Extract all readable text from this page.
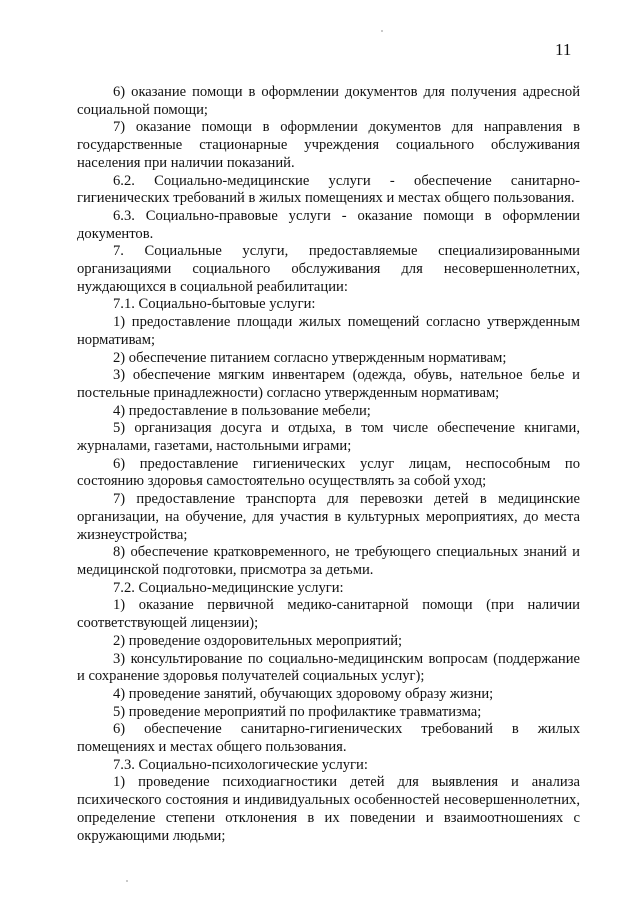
11

6) оказание помощи в оформлении документов для получения адресной социальной помощи;

7) оказание помощи в оформлении документов для направления в государственные стационарные учреждения социального обслуживания населения при наличии показаний.

6.2. Социально-медицинские услуги - обеспечение санитарно-гигиенических требований в жилых помещениях и местах общего пользования.

6.3. Социально-правовые услуги - оказание помощи в оформлении документов.

7. Социальные услуги, предоставляемые специализированными организациями социального обслуживания для несовершеннолетних, нуждающихся в социальной реабилитации:

7.1. Социально-бытовые услуги:

1) предоставление площади жилых помещений согласно утвержденным нормативам;

2) обеспечение питанием согласно утвержденным нормативам;

3) обеспечение мягким инвентарем (одежда, обувь, нательное белье и постельные принадлежности) согласно утвержденным нормативам;

4) предоставление в пользование мебели;

5) организация досуга и отдыха, в том числе обеспечение книгами, журналами, газетами, настольными играми;

6) предоставление гигиенических услуг лицам, неспособным по состоянию здоровья самостоятельно осуществлять за собой уход;

7) предоставление транспорта для перевозки детей в медицинские организации, на обучение, для участия в культурных мероприятиях, до места жизнеустройства;

8) обеспечение кратковременного, не требующего специальных знаний и медицинской подготовки, присмотра за детьми.

7.2. Социально-медицинские услуги:

1) оказание первичной медико-санитарной помощи (при наличии соответствующей лицензии);

2) проведение оздоровительных мероприятий;

3) консультирование по социально-медицинским вопросам (поддержание и сохранение здоровья получателей социальных услуг);

4) проведение занятий, обучающих здоровому образу жизни;

5) проведение мероприятий по профилактике травматизма;

6) обеспечение санитарно-гигиенических требований в жилых помещениях и местах общего пользования.

7.3. Социально-психологические услуги:

1) проведение психодиагностики детей для выявления и анализа психического состояния и индивидуальных особенностей несовершеннолетних, определение степени отклонения в их поведении и взаимоотношениях с окружающими людьми;
